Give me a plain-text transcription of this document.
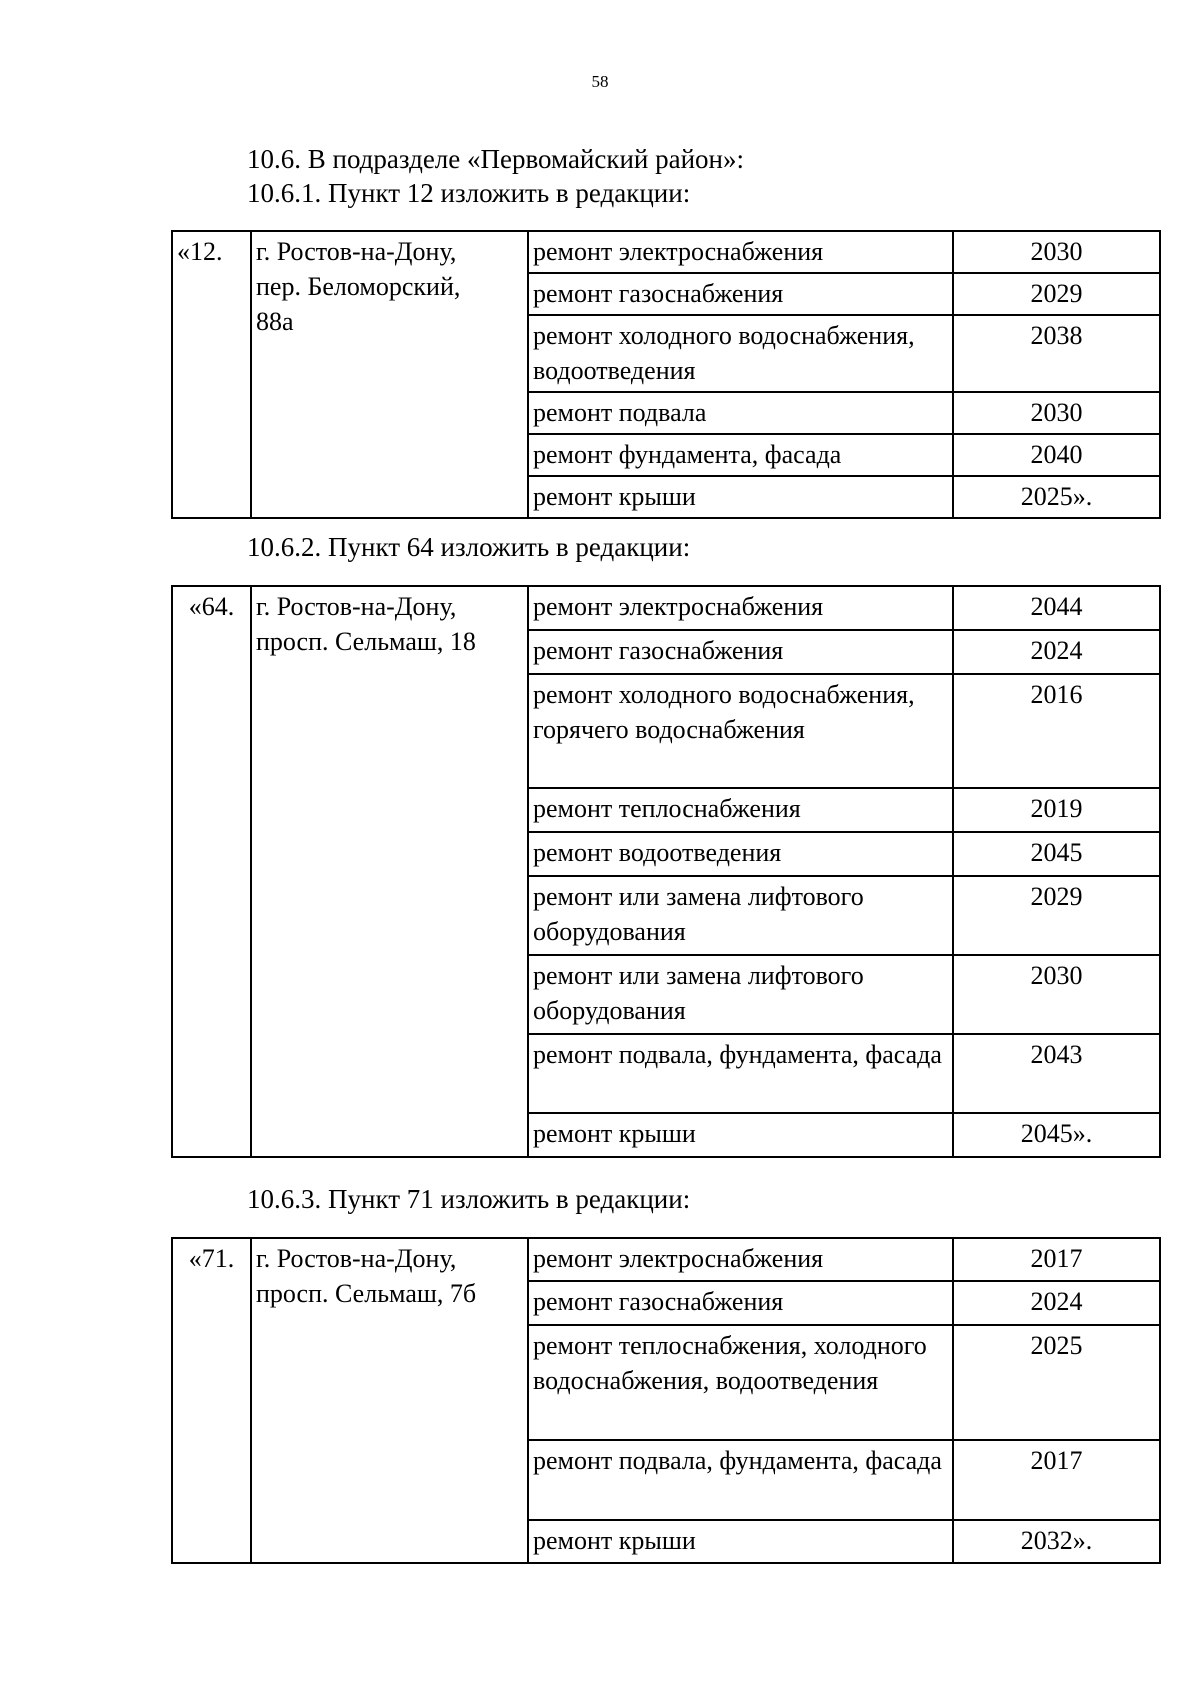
58
10.6. В подразделе «Первомайский район»:
10.6.1. Пункт 12 изложить в редакции:
«12.	г. Ростов-на-Дону,
пер. Беломорский,
88а	ремонт электроснабжения	2030
		ремонт газоснабжения	2029
		ремонт холодного водоснабжения, водоотведения	2038
		ремонт подвала	2030
		ремонт фундамента, фасада	2040
		ремонт крыши	2025».
10.6.2. Пункт 64 изложить в редакции:
«64.	г. Ростов-на-Дону,
просп. Сельмаш, 18	ремонт электроснабжения	2044
		ремонт газоснабжения	2024
		ремонт холодного водоснабжения, горячего водоснабжения	2016
		ремонт теплоснабжения	2019
		ремонт водоотведения	2045
		ремонт или замена лифтового оборудования	2029
		ремонт или замена лифтового оборудования	2030
		ремонт подвала, фундамента, фасада	2043
		ремонт крыши	2045».
10.6.3. Пункт 71 изложить в редакции:
«71.	г. Ростов-на-Дону,
просп. Сельмаш, 7б	ремонт электроснабжения	2017
		ремонт газоснабжения	2024
		ремонт теплоснабжения, холодного водоснабжения, водоотведения	2025
		ремонт подвала, фундамента, фасада	2017
		ремонт крыши	2032».
